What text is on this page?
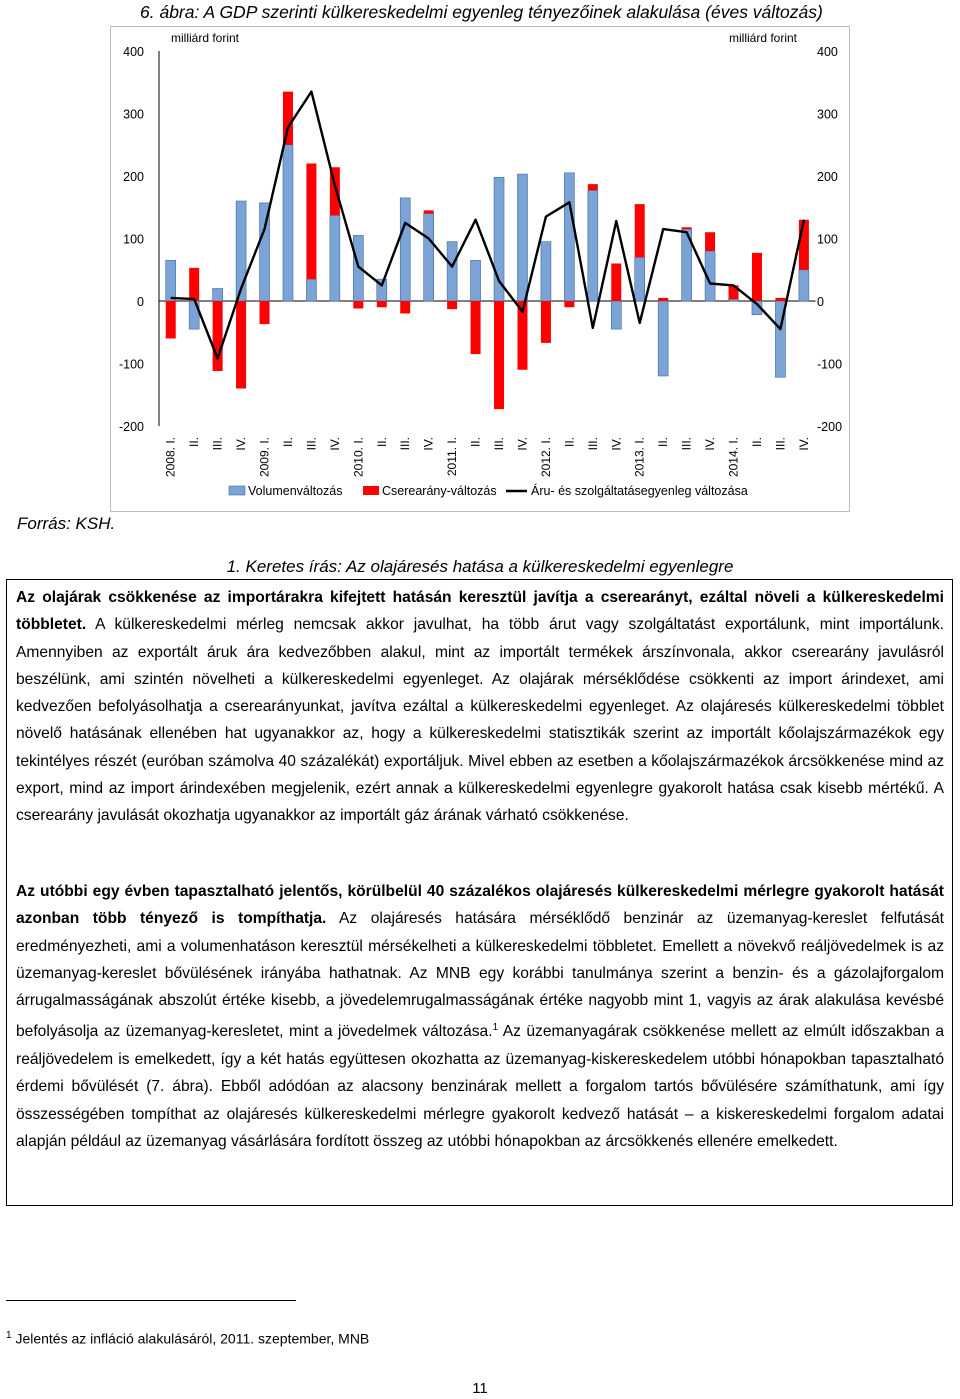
6. ábra: A GDP szerinti külkereskedelmi egyenleg tényezőinek alakulása (éves változás)
400	400
300	300
200	200
100	100
0	0
-100	-100
-200	-200
milliárd forint	milliárd forint
2008. I. II. III. IV. 2009. I. II. III. IV. 2010. I. II. III. IV. 2011. I. II. III. IV. 2012. I. II. III. IV. 2013. I. II. III. IV. 2014. I. II. III. IV.
Volumenváltozás	Cserearány-változás	Áru- és szolgáltatásegyenleg változása
Forrás: KSH.
1. Keretes írás: Az olajáresés hatása a külkereskedelmi egyenlegre

Az olajárak csökkenése az importárakra kifejtett hatásán keresztül javítja a cserearányt, ezáltal növeli a külkereskedelmi többletet. A külkereskedelmi mérleg nemcsak akkor javulhat, ha több árut vagy szolgáltatást exportálunk, mint importálunk. Amennyiben az exportált áruk ára kedvezőbben alakul, mint az importált termékek árszínvonala, akkor cserearány javulásról beszélünk, ami szintén növelheti a külkereskedelmi egyenleget. Az olajárak mérséklődése csökkenti az import árindexet, ami kedvezően befolyásolhatja a cserearányunkat, javítva ezáltal a külkereskedelmi egyenleget. Az olajáresés külkereskedelmi többlet növelő hatásának ellenében hat ugyanakkor az, hogy a külkereskedelmi statisztikák szerint az importált kőolajszármazékok egy tekintélyes részét (euróban számolva 40 százalékát) exportáljuk. Mivel ebben az esetben a kőolajszármazékok árcsökkenése mind az export, mind az import árindexében megjelenik, ezért annak a külkereskedelmi egyenlegre gyakorolt hatása csak kisebb mértékű. A cserearány javulását okozhatja ugyanakkor az importált gáz árának várható csökkenése.

Az utóbbi egy évben tapasztalható jelentős, körülbelül 40 százalékos olajáresés külkereskedelmi mérlegre gyakorolt hatását azonban több tényező is tompíthatja. Az olajáresés hatására mérséklődő benzinár az üzemanyag-kereslet felfutását eredményezheti, ami a volumenhatáson keresztül mérsékelheti a külkereskedelmi többletet. Emellett a növekvő reáljövedelmek is az üzemanyag-kereslet bővülésének irányába hathatnak. Az MNB egy korábbi tanulmánya szerint a benzin- és a gázolajforgalom árrugalmasságának abszolút értéke kisebb, a jövedelemrugalmasságának értéke nagyobb mint 1, vagyis az árak alakulása kevésbé befolyásolja az üzemanyag-keresletet, mint a jövedelmek változása.$^1$ Az üzemanyagárak csökkenése mellett az elmúlt időszakban a reáljövedelem is emelkedett, így a két hatás együttesen okozhatta az üzemanyag-kiskereskedelem utóbbi hónapokban tapasztalható érdemi bővülését (7. ábra). Ebből adódóan az alacsony benzinárak mellett a forgalom tartós bővülésére számíthatunk, ami így összességében tompíthat az olajáresés külkereskedelmi mérlegre gyakorolt kedvező hatását – a kiskereskedelmi forgalom adatai alapján például az üzemanyag vásárlására fordított összeg az utóbbi hónapokban az árcsökkenés ellenére emelkedett.

$^1$ Jelentés az infláció alakulásáról, 2011. szeptember, MNB
11
